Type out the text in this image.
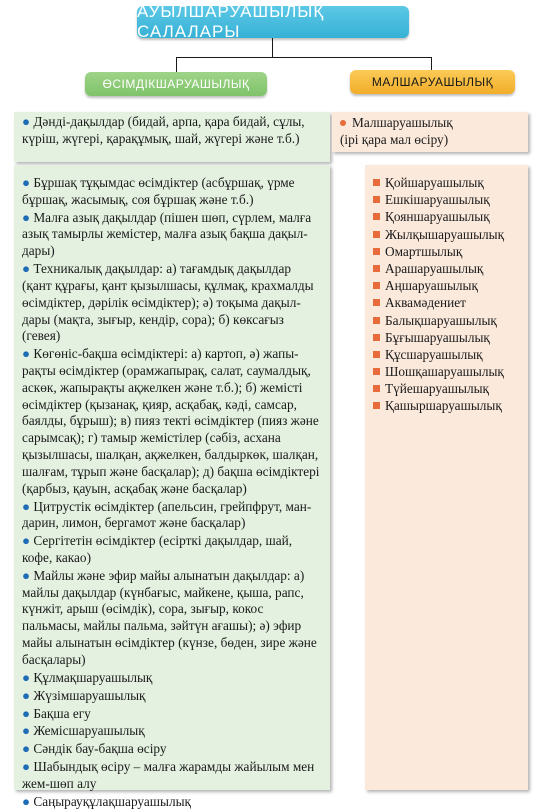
АУЫЛШАРУАШЫЛЫҚ САЛАЛАРЫ
ӨСІМДІКШАРУАШЫЛЫҚ	МАЛШАРУАШЫЛЫҚ
● Дәнді-дақылдар (бидай, арпа, қара бидай, сұлы, күріш, жүгері, қарақұмық, шай, жүгері және т.б.)
Малшаруашылық
(ірі қара мал өсіру)
● Бұршақ тұқымдас өсімдіктер (асбұршақ, үрме бұршақ, жасымық, соя бұршақ және т.б.)
● Малға азық дақылдар (пішен шөп, сүрлем, малға азық тамырлы жемістер, малға азық бақша дақылдары)
● Техникалық дақылдар: а) тағамдық дақылдар (қант құрағы, қант қызылшасы, құлмақ, крахмалды өсімдіктер, дәрілік өсімдіктер); ә) тоқыма дақылдары (мақта, зығыр, кендір, сора); б) көксағыз (гевея)
● Көгөніс-бақша өсімдіктері: а) картоп, ә) жапырақты өсімдіктер (орамжапырақ, салат, саумалдық, аскөк, жапырақты ақжелкен және т.б.); б) жемісті өсімдіктер (қызанақ, қияр, асқабақ, кәді, самсар, баялды, бұрыш); в) пияз текті өсімдіктер (пияз және сарымсақ); г) тамыр жемістілер (сәбіз, асхана қызылшасы, шалқан, ақжелкен, балдыркөк, шалқан, шалғам, тұрып және басқалар); д) бақша өсімдіктері (қарбыз, қауын, асқабақ және басқалар)
● Цитрустік өсімдіктер (апельсин, грейпфрут, мандарин, лимон, бергамот және басқалар)
● Сергітетін өсімдіктер (есірткі дақылдар, шай, кофе, какао)
● Майлы және эфир майы алынатын дақылдар: а) майлы дақылдар (күнбағыс, майкене, қыша, рапс, күнжіт, арыш (өсімдік), сора, зығыр, кокос пальмасы, майлы пальма, зәйтүн ағашы); ә) эфир майы алынатын өсімдіктер (күнзе, бөден, зире және басқалары)
● Құлмақшаруашылық
● Жүзімшаруашылық
● Бақша егу
● Жемісшаруашылық
● Сәндік бау-бақша өсіру
● Шабындық өсіру – малға жарамды жайылым мен жем-шөп алу
● Саңырауқұлақшаруашылық
Қойшаруашылық
Ешкішаруашылық
Қояншаруашылық
Жылқышаруашылық
Омартшылық
Арашаруашылық
Аңшаруашылық
Аквамәдениет
Балықшаруашылық
Бұғышаруашылық
Құсшаруашылық
Шошқашаруашылық
Түйешаруашылық
Қашыршаруашылық
